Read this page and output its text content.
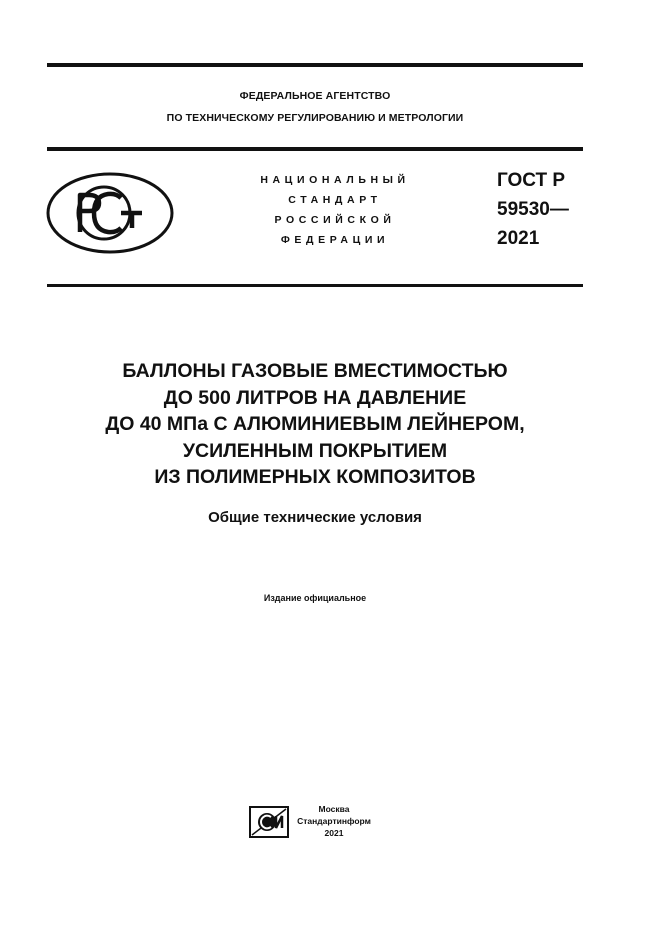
ФЕДЕРАЛЬНОЕ АГЕНТСТВО
ПО ТЕХНИЧЕСКОМУ РЕГУЛИРОВАНИЮ И МЕТРОЛОГИИ
НАЦИОНАЛЬНЫЙ
СТАНДАРТ
РОССИЙСКОЙ
ФЕДЕРАЦИИ
ГОСТ Р
59530—
2021
БАЛЛОНЫ ГАЗОВЫЕ ВМЕСТИМОСТЬЮ
ДО 500 ЛИТРОВ НА ДАВЛЕНИЕ
ДО 40 МПа С АЛЮМИНИЕВЫМ ЛЕЙНЕРОМ,
УСИЛЕННЫМ ПОКРЫТИЕМ
ИЗ ПОЛИМЕРНЫХ КОМПОЗИТОВ
Общие технические условия
Издание официальное
Москва
Стандартинформ
2021
